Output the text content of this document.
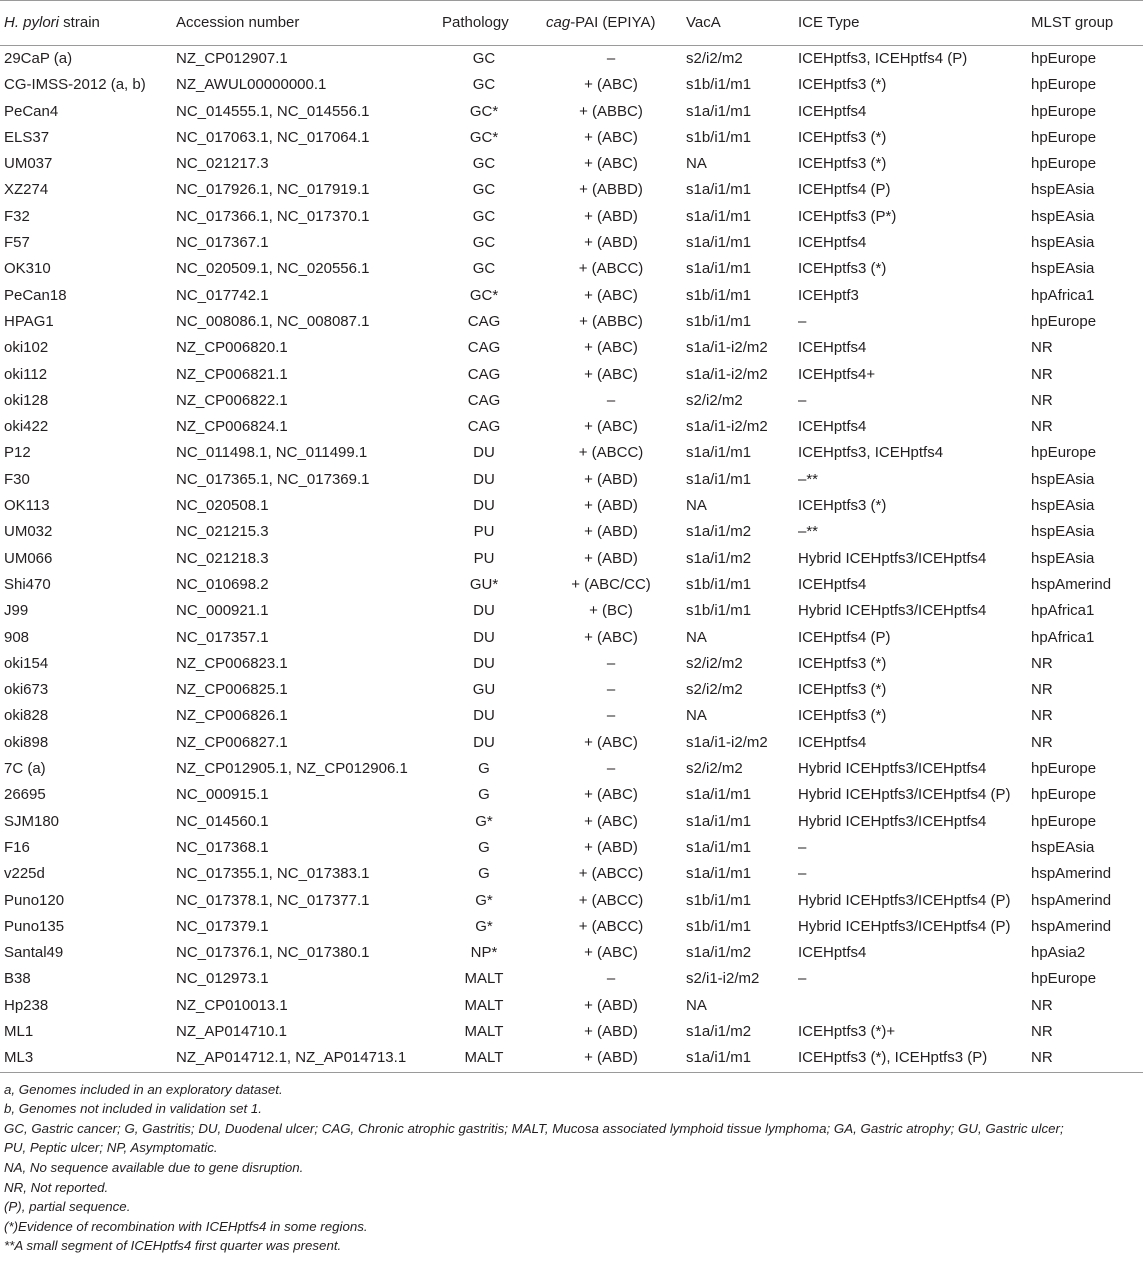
H. pylori strain	Accession number	Pathology	cag-PAI (EPIYA)	VacA	ICE Type	MLST group
29CaP (a)	NZ_CP012907.1	GC	–	s2/i2/m2	ICEHptfs3, ICEHptfs4 (P)	hpEurope
CG-IMSS-2012 (a, b)	NZ_AWUL00000000.1	GC	+ (ABC)	s1b/i1/m1	ICEHptfs3 (*)	hpEurope
PeCan4	NC_014555.1, NC_014556.1	GC*	+ (ABBC)	s1a/i1/m1	ICEHptfs4	hpEurope
ELS37	NC_017063.1, NC_017064.1	GC*	+ (ABC)	s1b/i1/m1	ICEHptfs3 (*)	hpEurope
UM037	NC_021217.3	GC	+ (ABC)	NA	ICEHptfs3 (*)	hpEurope
XZ274	NC_017926.1, NC_017919.1	GC	+ (ABBD)	s1a/i1/m1	ICEHptfs4 (P)	hspEAsia
F32	NC_017366.1, NC_017370.1	GC	+ (ABD)	s1a/i1/m1	ICEHptfs3 (P*)	hspEAsia
F57	NC_017367.1	GC	+ (ABD)	s1a/i1/m1	ICEHptfs4	hspEAsia
OK310	NC_020509.1, NC_020556.1	GC	+ (ABCC)	s1a/i1/m1	ICEHptfs3 (*)	hspEAsia
PeCan18	NC_017742.1	GC*	+ (ABC)	s1b/i1/m1	ICEHptf3	hpAfrica1
HPAG1	NC_008086.1, NC_008087.1	CAG	+ (ABBC)	s1b/i1/m1	–	hpEurope
oki102	NZ_CP006820.1	CAG	+ (ABC)	s1a/i1-i2/m2	ICEHptfs4	NR
oki112	NZ_CP006821.1	CAG	+ (ABC)	s1a/i1-i2/m2	ICEHptfs4+	NR
oki128	NZ_CP006822.1	CAG	–	s2/i2/m2	–	NR
oki422	NZ_CP006824.1	CAG	+ (ABC)	s1a/i1-i2/m2	ICEHptfs4	NR
P12	NC_011498.1, NC_011499.1	DU	+ (ABCC)	s1a/i1/m1	ICEHptfs3, ICEHptfs4	hpEurope
F30	NC_017365.1, NC_017369.1	DU	+ (ABD)	s1a/i1/m1	–**	hspEAsia
OK113	NC_020508.1	DU	+ (ABD)	NA	ICEHptfs3 (*)	hspEAsia
UM032	NC_021215.3	PU	+ (ABD)	s1a/i1/m2	–**	hspEAsia
UM066	NC_021218.3	PU	+ (ABD)	s1a/i1/m2	Hybrid ICEHptfs3/ICEHptfs4	hspEAsia
Shi470	NC_010698.2	GU*	+ (ABC/CC)	s1b/i1/m1	ICEHptfs4	hspAmerind
J99	NC_000921.1	DU	+ (BC)	s1b/i1/m1	Hybrid ICEHptfs3/ICEHptfs4	hpAfrica1
908	NC_017357.1	DU	+ (ABC)	NA	ICEHptfs4 (P)	hpAfrica1
oki154	NZ_CP006823.1	DU	–	s2/i2/m2	ICEHptfs3 (*)	NR
oki673	NZ_CP006825.1	GU	–	s2/i2/m2	ICEHptfs3 (*)	NR
oki828	NZ_CP006826.1	DU	–	NA	ICEHptfs3 (*)	NR
oki898	NZ_CP006827.1	DU	+ (ABC)	s1a/i1-i2/m2	ICEHptfs4	NR
7C (a)	NZ_CP012905.1, NZ_CP012906.1	G	–	s2/i2/m2	Hybrid ICEHptfs3/ICEHptfs4	hpEurope
26695	NC_000915.1	G	+ (ABC)	s1a/i1/m1	Hybrid ICEHptfs3/ICEHptfs4 (P)	hpEurope
SJM180	NC_014560.1	G*	+ (ABC)	s1a/i1/m1	Hybrid ICEHptfs3/ICEHptfs4	hpEurope
F16	NC_017368.1	G	+ (ABD)	s1a/i1/m1	–	hspEAsia
v225d	NC_017355.1, NC_017383.1	G	+ (ABCC)	s1a/i1/m1	–	hspAmerind
Puno120	NC_017378.1, NC_017377.1	G*	+ (ABCC)	s1b/i1/m1	Hybrid ICEHptfs3/ICEHptfs4 (P)	hspAmerind
Puno135	NC_017379.1	G*	+ (ABCC)	s1b/i1/m1	Hybrid ICEHptfs3/ICEHptfs4 (P)	hspAmerind
Santal49	NC_017376.1, NC_017380.1	NP*	+ (ABC)	s1a/i1/m2	ICEHptfs4	hpAsia2
B38	NC_012973.1	MALT	–	s2/i1-i2/m2	–	hpEurope
Hp238	NZ_CP010013.1	MALT	+ (ABD)	NA		NR
ML1	NZ_AP014710.1	MALT	+ (ABD)	s1a/i1/m2	ICEHptfs3 (*)+	NR
ML3	NZ_AP014712.1, NZ_AP014713.1	MALT	+ (ABD)	s1a/i1/m1	ICEHptfs3 (*), ICEHptfs3 (P)	NR
a, Genomes included in an exploratory dataset.
b, Genomes not included in validation set 1.
GC, Gastric cancer; G, Gastritis; DU, Duodenal ulcer; CAG, Chronic atrophic gastritis; MALT, Mucosa associated lymphoid tissue lymphoma; GA, Gastric atrophy; GU, Gastric ulcer;
PU, Peptic ulcer; NP, Asymptomatic.
NA, No sequence available due to gene disruption.
NR, Not reported.
(P), partial sequence.
(*)Evidence of recombination with ICEHptfs4 in some regions.
**A small segment of ICEHptfs4 first quarter was present.
